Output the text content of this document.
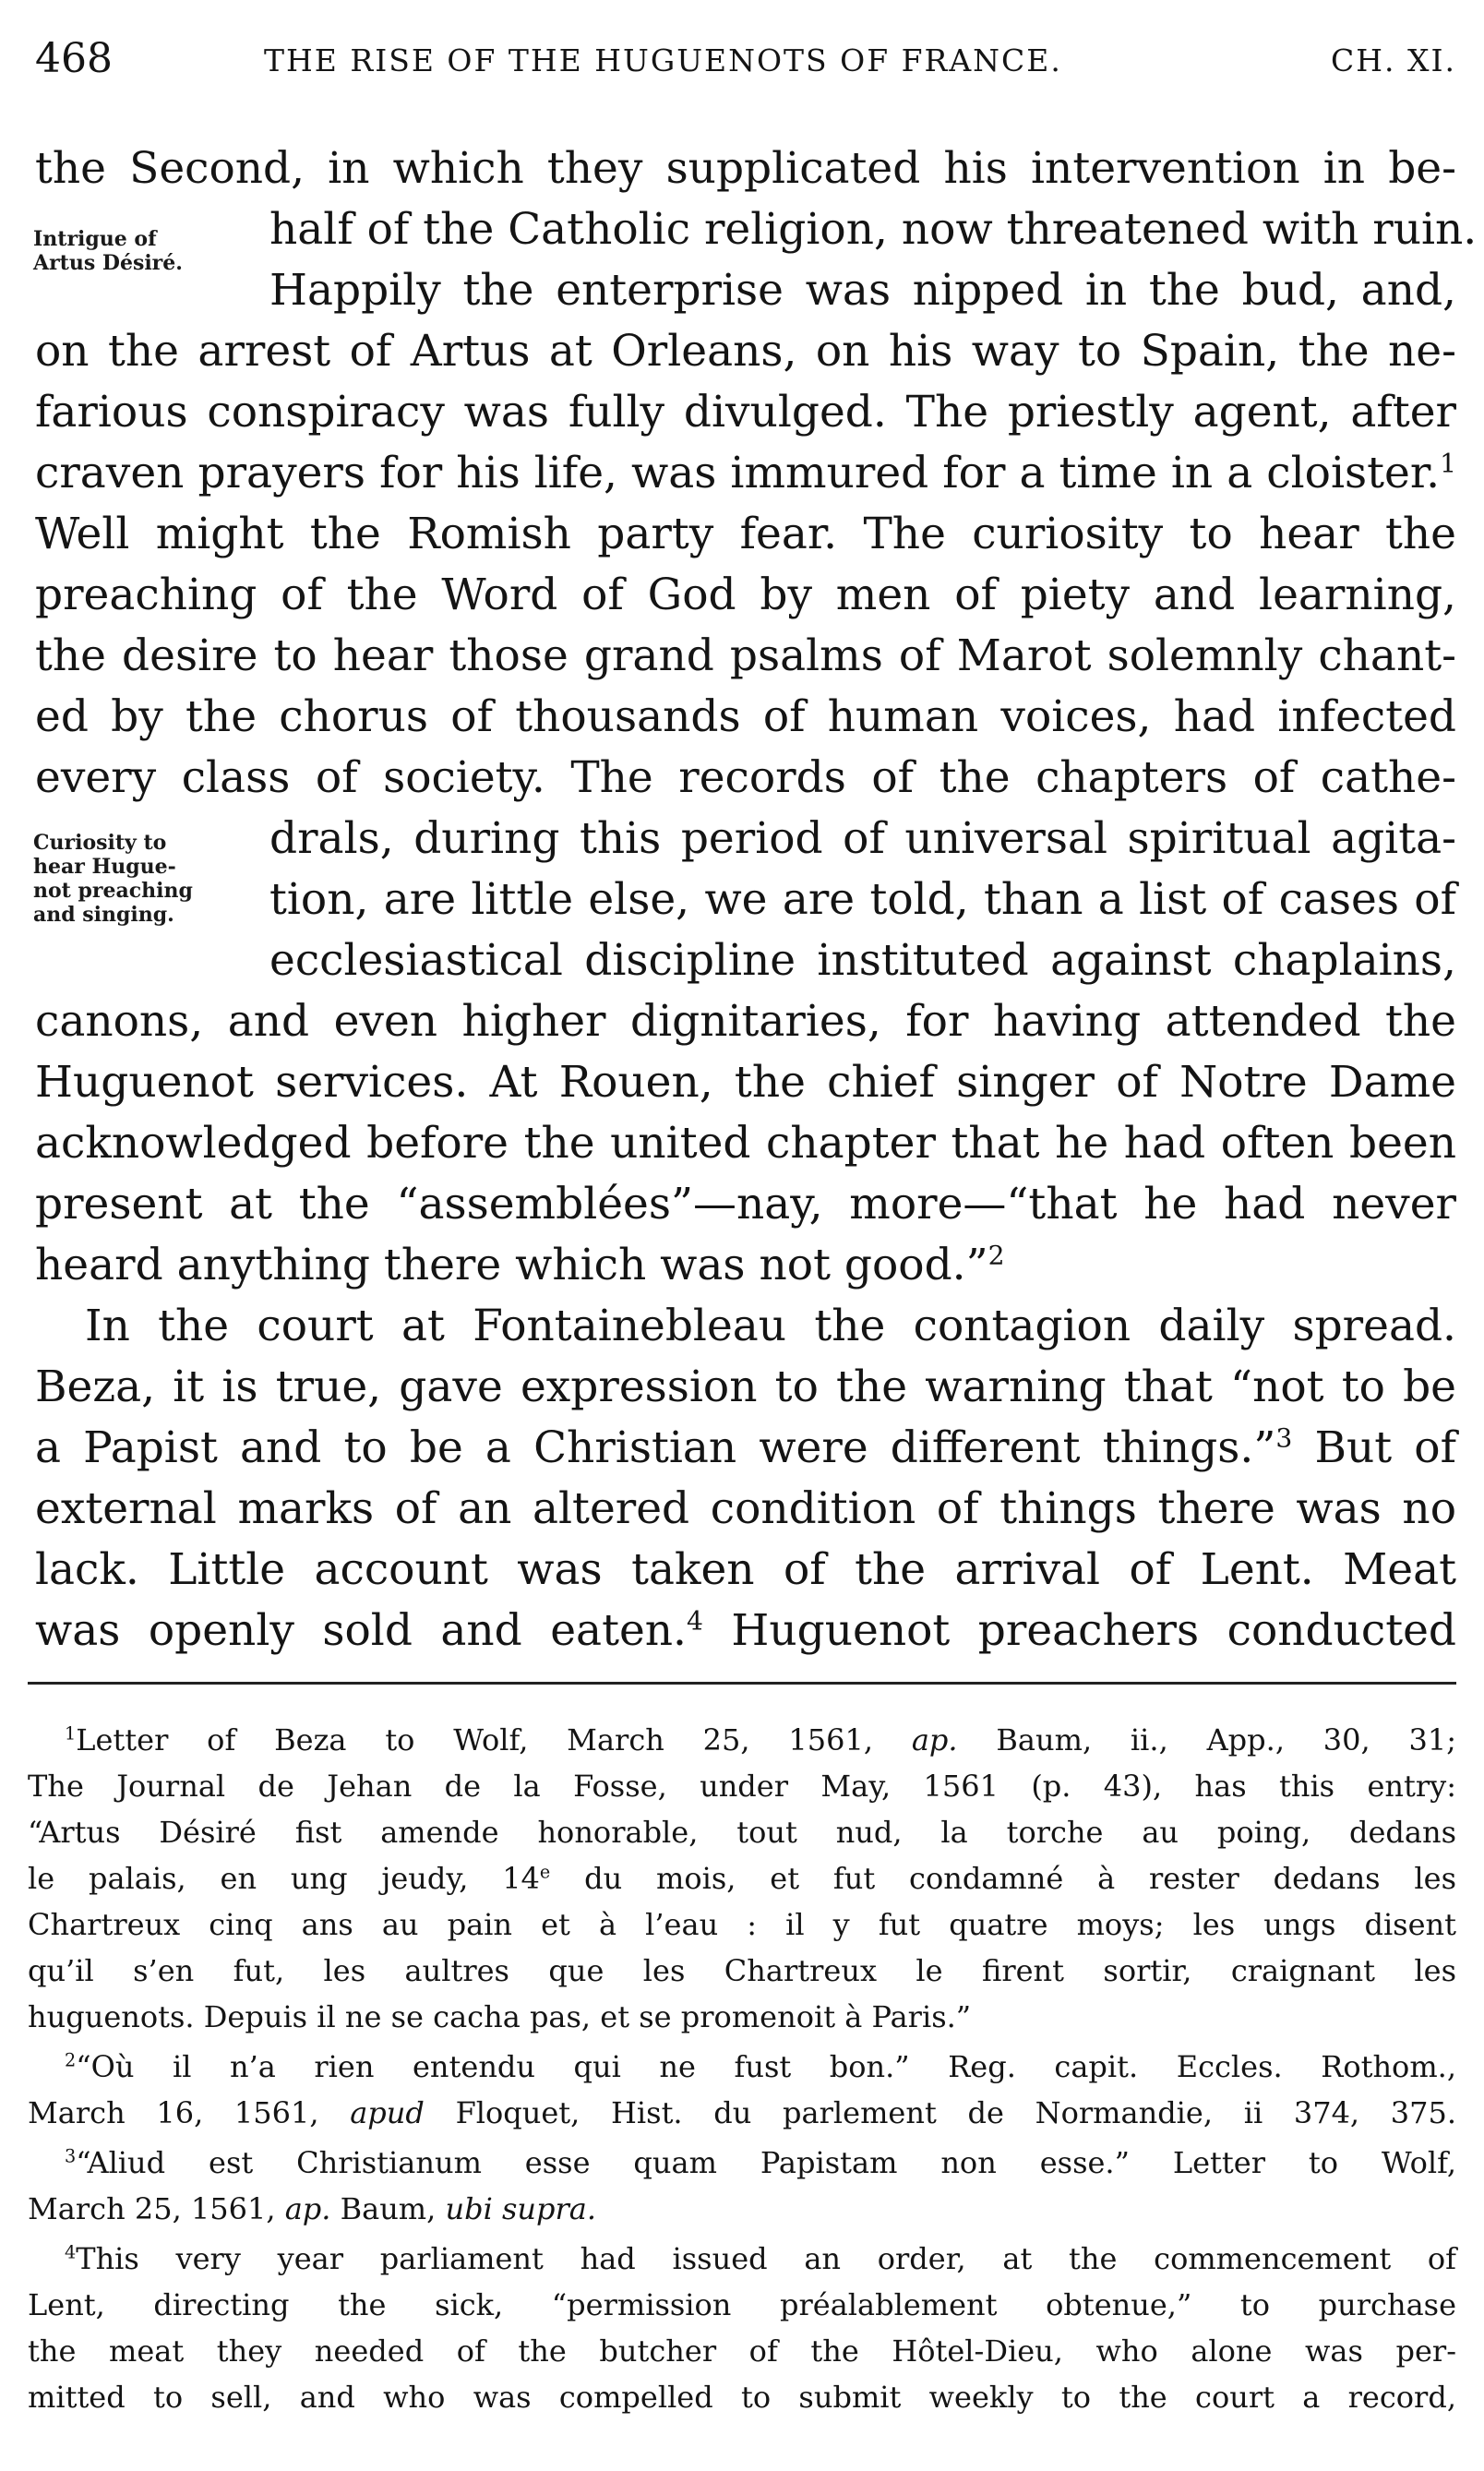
468	THE RISE OF THE HUGUENOTS OF FRANCE.	CH. XI.
Intrigue of
Artus Désiré.
Curiosity to
hear Hugue-
not preaching
and singing.
the Second, in which they supplicated his intervention in be-
half of the Catholic religion, now threatened with ruin.
Happily the enterprise was nipped in the bud, and,
on the arrest of Artus at Orleans, on his way to Spain, the ne-
farious conspiracy was fully divulged. The priestly agent, after
craven prayers for his life, was immured for a time in a cloister.$^1$
Well might the Romish party fear. The curiosity to hear the
preaching of the Word of God by men of piety and learning,
the desire to hear those grand psalms of Marot solemnly chant-
ed by the chorus of thousands of human voices, had infected
every class of society. The records of the chapters of cathe-
drals, during this period of universal spiritual agita-
tion, are little else, we are told, than a list of cases of
ecclesiastical discipline instituted against chaplains,
canons, and even higher dignitaries, for having attended the
Huguenot services. At Rouen, the chief singer of Notre Dame
acknowledged before the united chapter that he had often been
present at the “assemblées”—nay, more—“that he had never
heard anything there which was not good.”$^2$
In the court at Fontainebleau the contagion daily spread.
Beza, it is true, gave expression to the warning that “not to be
a Papist and to be a Christian were different things.”$^3$ But of
external marks of an altered condition of things there was no
lack. Little account was taken of the arrival of Lent. Meat
was openly sold and eaten.$^4$ Huguenot preachers conducted
$^1$Letter of Beza to Wolf, March 25, 1561, ap. Baum, ii., App., 30, 31;
The Journal de Jehan de la Fosse, under May, 1561 (p. 43), has this entry:
“Artus Désiré fist amende honorable, tout nud, la torche au poing, dedans
le palais, en ung jeudy, 14e du mois, et fut condamné à rester dedans les
Chartreux cinq ans au pain et à l’eau : il y fut quatre moys; les ungs disent
qu’il s’en fut, les aultres que les Chartreux le firent sortir, craignant les
huguenots. Depuis il ne se cacha pas, et se promenoit à Paris.”
$^2$“Où il n’a rien entendu qui ne fust bon.” Reg. capit. Eccles. Rothom.,
March 16, 1561, apud Floquet, Hist. du parlement de Normandie, ii 374, 375.
$^3$“Aliud est Christianum esse quam Papistam non esse.” Letter to Wolf,
March 25, 1561, ap. Baum, ubi supra.
$^4$This very year parliament had issued an order, at the commencement of
Lent, directing the sick, “permission préalablement obtenue,” to purchase
the meat they needed of the butcher of the Hôtel-Dieu, who alone was per-
mitted to sell, and who was compelled to submit weekly to the court a record,
